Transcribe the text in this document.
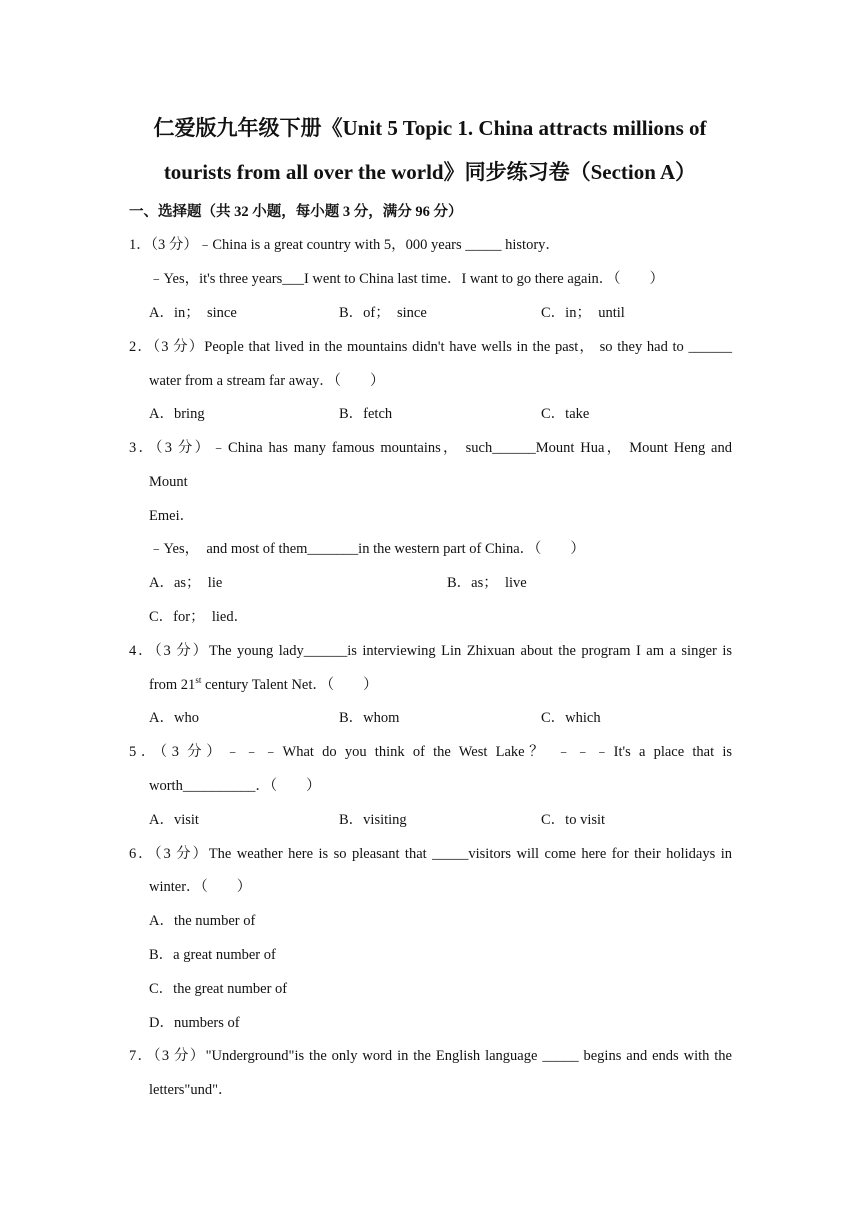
仁爱版九年级下册《Unit 5 Topic 1. China attracts millions of
tourists from all over the world》同步练习卷（Section A）
一、选择题（共 32 小题，每小题 3 分，满分 96 分）
1．（3 分）﹣China is a great country with 5，000 years _____ history．
﹣Yes，it's three years___I went to China last time．I want to go there again．（　　）
A．in；  since	B．of；  since	C．in；  until
2．（3 分）People that lived in the mountains didn't have wells in the past， so they had to ______
water from a stream far away．（　　）
A．bring	B．fetch	C．take
3．（3 分）﹣China has many famous mountains， such______Mount Hua， Mount Heng and
Mount
Emei．
﹣Yes，  and most of them_______in the western part of China．（　　）
A．as；  lie	B．as；  live
C．for；  lied．
4．（3 分）The young lady______is interviewing Lin Zhixuan about the program I am a singer is
from 21st century Talent Net．（　　）
A．who	B．whom	C．which
5．（3 分）﹣﹣﹣What do you think of the West Lake？ ﹣﹣﹣It's a place that is
worth__________．（　　）
A．visit	B．visiting	C．to visit
6．（3 分）The weather here is so pleasant that _____visitors will come here for their holidays in
winter．（　　）
A．the number of
B．a great number of
C．the great number of
D．numbers of
7．（3 分）"Underground"is the only word in the English language _____ begins and ends with the
letters"und"．
